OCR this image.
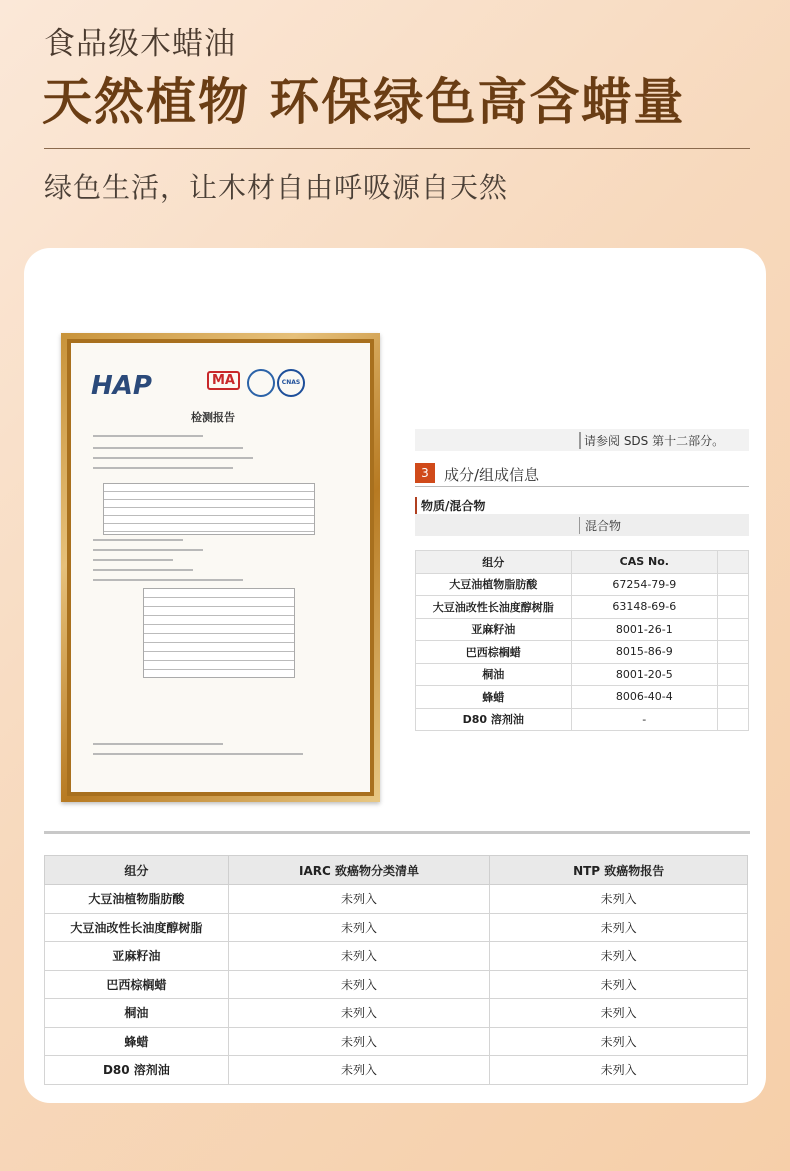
食品级木蜡油
天然植物 环保绿色高含蜡量
绿色生活，让木材自由呼吸源自天然
HAP	MA	CNAS
检测报告
请参阅 SDS 第十二部分。
3	成分/组成信息
物质/混合物
混合物
组分	CAS No.	
大豆油植物脂肪酸	67254-79-9	
大豆油改性长油度醇树脂	63148-69-6	
亚麻籽油	8001-26-1	
巴西棕榈蜡	8015-86-9	
桐油	8001-20-5	
蜂蜡	8006-40-4	
D80 溶剂油	-	
组分	IARC 致癌物分类清单	NTP 致癌物报告
大豆油植物脂肪酸	未列入	未列入
大豆油改性长油度醇树脂	未列入	未列入
亚麻籽油	未列入	未列入
巴西棕榈蜡	未列入	未列入
桐油	未列入	未列入
蜂蜡	未列入	未列入
D80 溶剂油	未列入	未列入
